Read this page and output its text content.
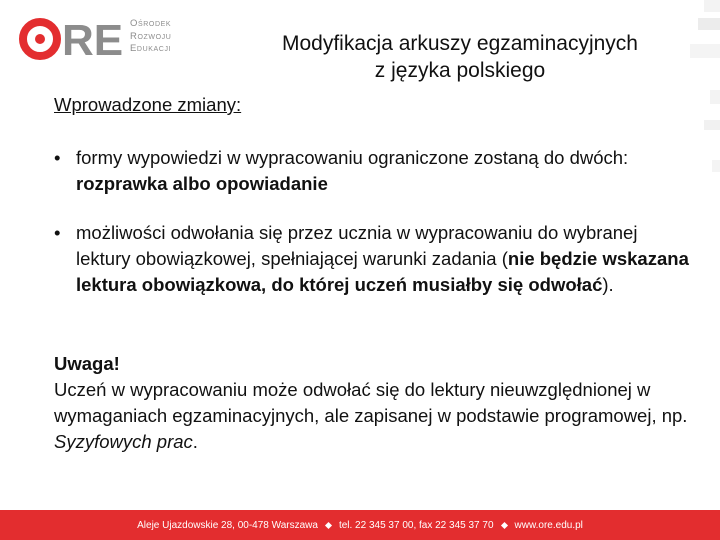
RE Ośrodek
Rozwoju
Edukacji	Modyfikacja arkuszy egzaminacyjnych
z języka polskiego
Wprowadzone zmiany:
• formy wypowiedzi w wypracowaniu ograniczone zostaną do dwóch: rozprawka albo opowiadanie
• możliwości odwołania się przez ucznia w wypracowaniu do wybranej lektury obowiązkowej, spełniającej warunki zadania (nie będzie wskazana lektura obowiązkowa, do której uczeń musiałby się odwołać).
Uwaga!
Uczeń w wypracowaniu może odwołać się do lektury nieuwzględnionej w wymaganiach egzaminacyjnych, ale zapisanej w podstawie programowej, np. Syzyfowych prac.
Aleje Ujazdowskie 28, 00-478 Warszawa tel. 22 345 37 00, fax 22 345 37 70 www.ore.edu.pl
